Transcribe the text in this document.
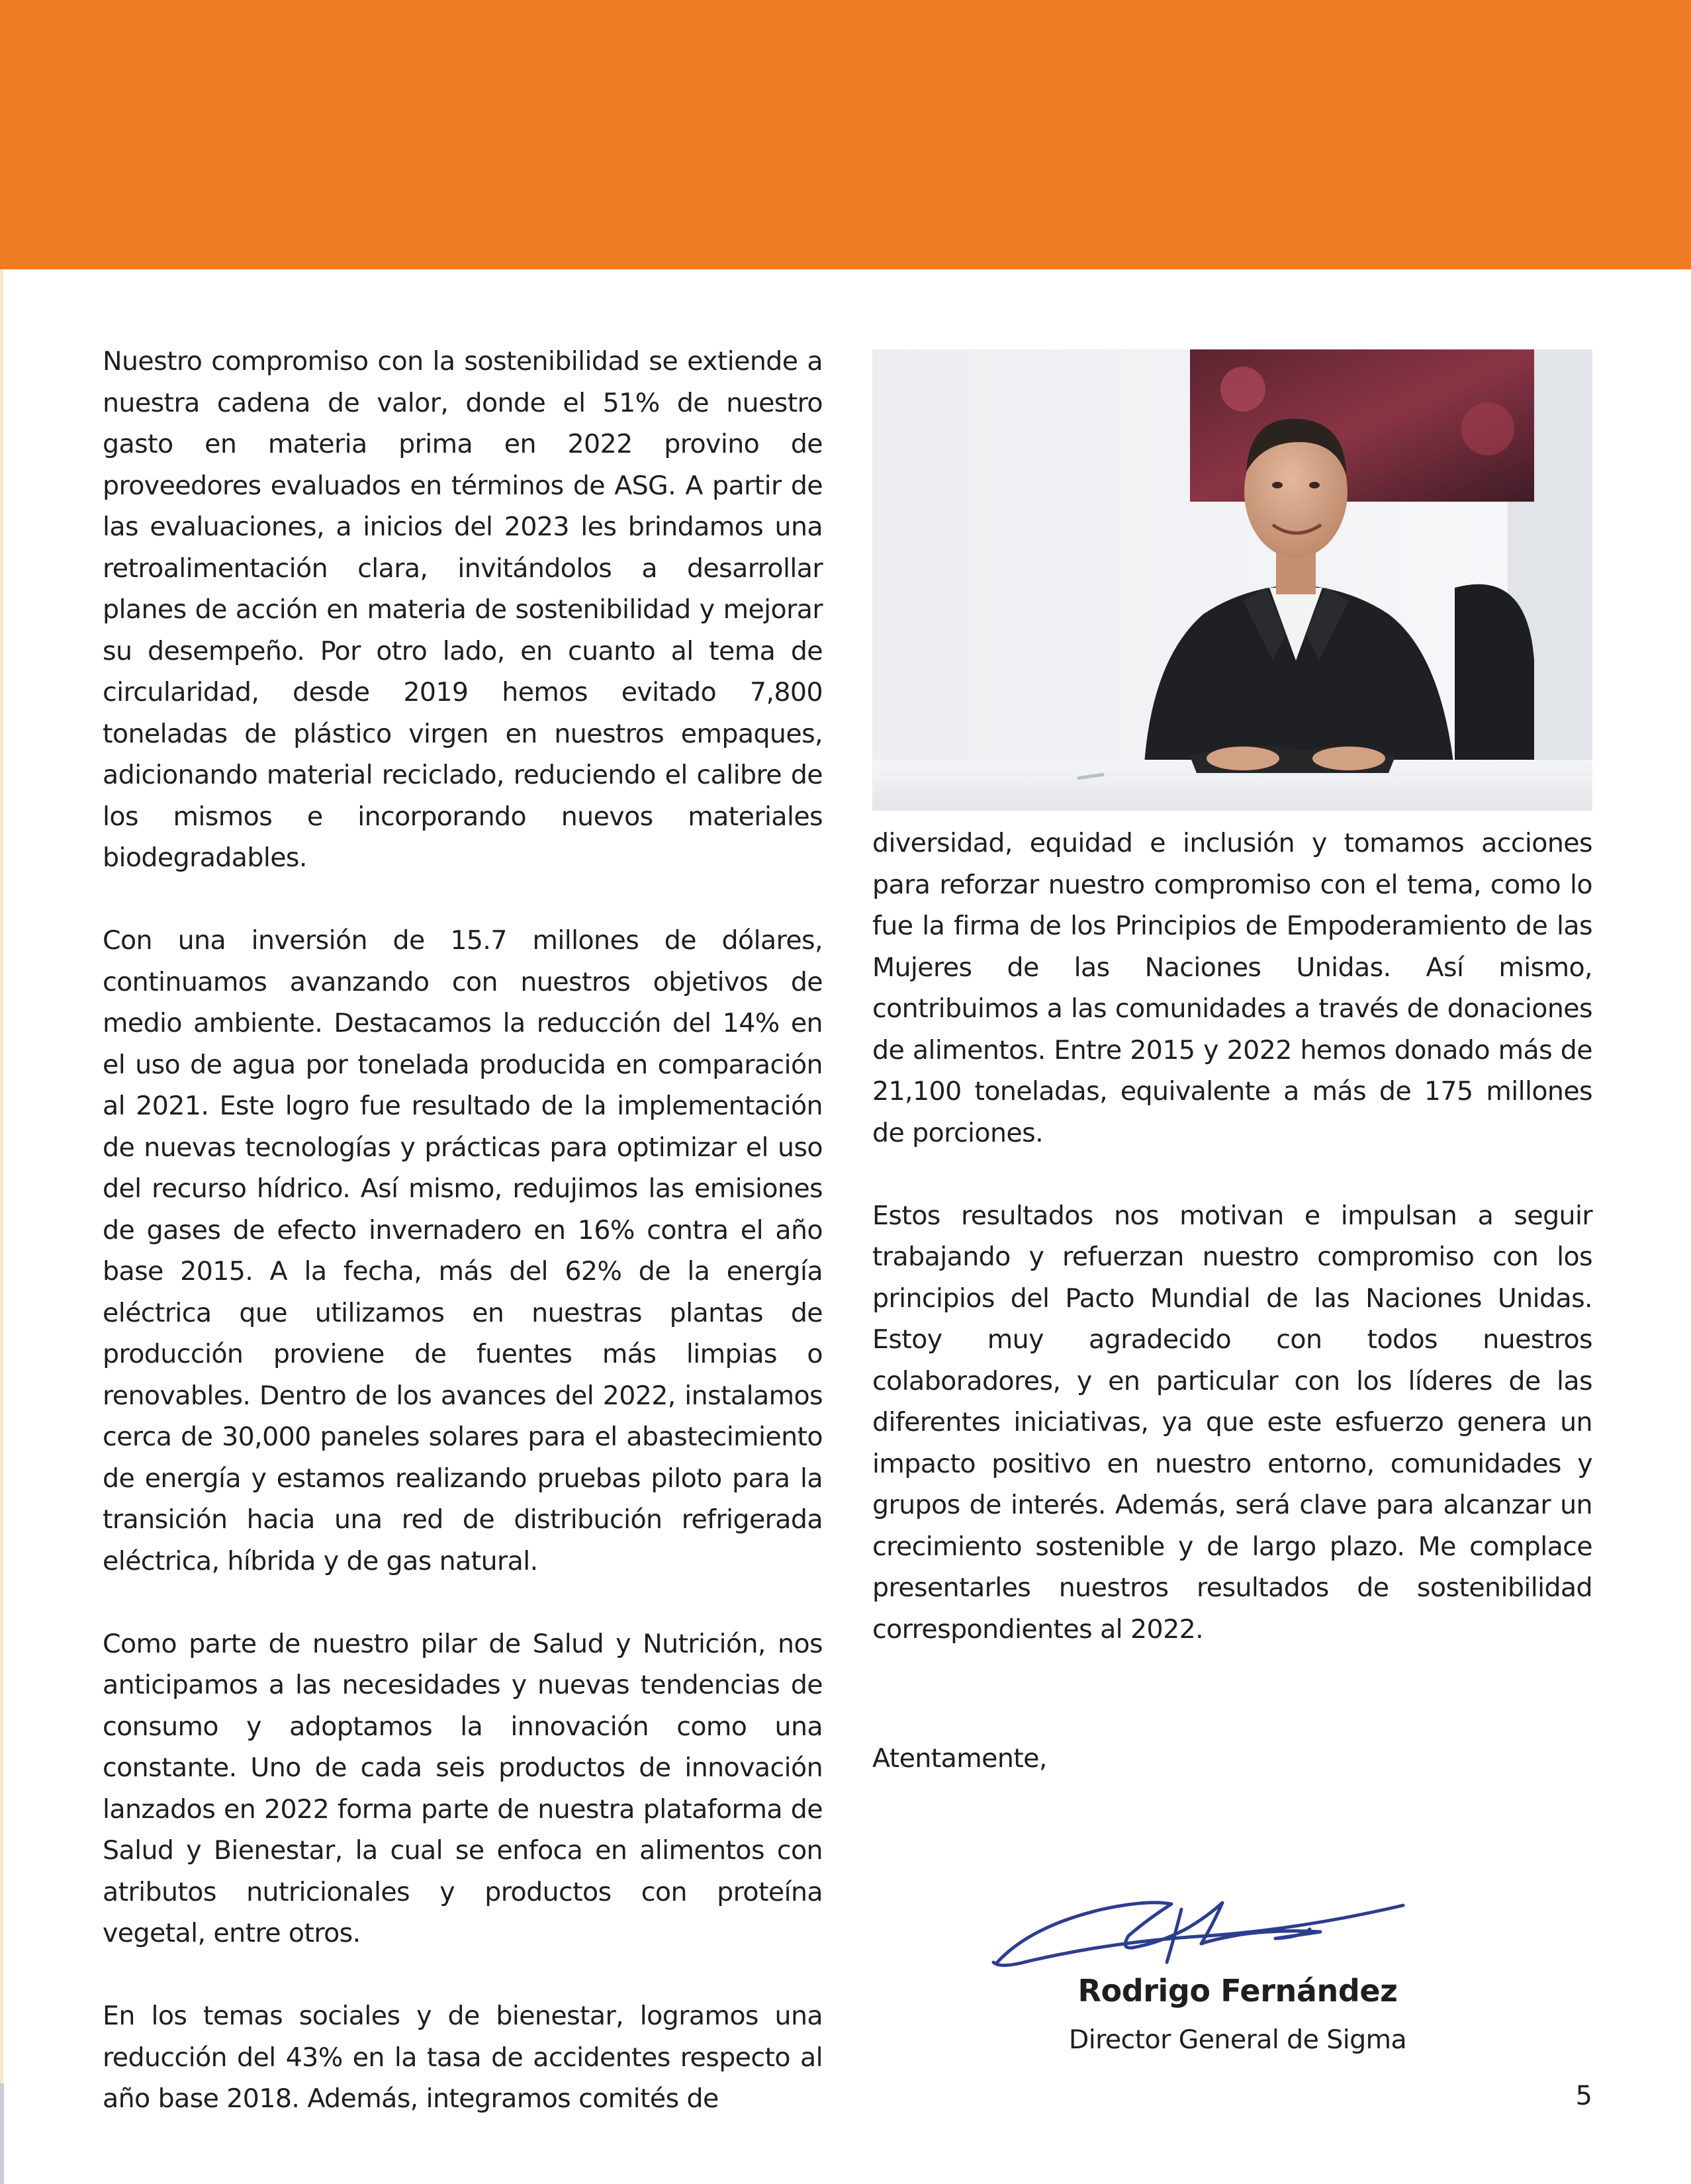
Nuestro compromiso con la sostenibilidad se extiende a nuestra cadena de valor, donde el 51% de nuestro gasto en materia prima en 2022 provino de proveedores evaluados en términos de ASG. A partir de las evaluaciones, a inicios del 2023 les brindamos una retroalimentación clara, invitándolos a desarrollar planes de acción en materia de sostenibilidad y mejorar su desempeño. Por otro lado, en cuanto al tema de circularidad, desde 2019 hemos evitado 7,800 toneladas de plástico virgen en nuestros empaques, adicionando material reciclado, reduciendo el calibre de los mismos e incorporando nuevos materiales biodegradables.

Con una inversión de 15.7 millones de dólares, continuamos avanzando con nuestros objetivos de medio ambiente. Destacamos la reducción del 14% en el uso de agua por tonelada producida en comparación al 2021. Este logro fue resultado de la implementación de nuevas tecnologías y prácticas para optimizar el uso del recurso hídrico. Así mismo, redujimos las emisiones de gases de efecto invernadero en 16% contra el año base 2015. A la fecha, más del 62% de la energía eléctrica que utilizamos en nuestras plantas de producción proviene de fuentes más limpias o renovables. Dentro de los avances del 2022, instalamos cerca de 30,000 paneles solares para el abastecimiento de energía y estamos realizando pruebas piloto para la transición hacia una red de distribución refrigerada eléctrica, híbrida y de gas natural.

Como parte de nuestro pilar de Salud y Nutrición, nos anticipamos a las necesidades y nuevas tendencias de consumo y adoptamos la innovación como una constante. Uno de cada seis productos de innovación lanzados en 2022 forma parte de nuestra plataforma de Salud y Bienestar, la cual se enfoca en alimentos con atributos nutricionales y productos con proteína vegetal, entre otros.

En los temas sociales y de bienestar, logramos una reducción del 43% en la tasa de accidentes respecto al año base 2018. Además, integramos comités de

diversidad, equidad e inclusión y tomamos acciones para reforzar nuestro compromiso con el tema, como lo fue la firma de los Principios de Empoderamiento de las Mujeres de las Naciones Unidas. Así mismo, contribuimos a las comunidades a través de donaciones de alimentos. Entre 2015 y 2022 hemos donado más de 21,100 toneladas, equivalente a más de 175 millones de porciones.

Estos resultados nos motivan e impulsan a seguir trabajando y refuerzan nuestro compromiso con los principios del Pacto Mundial de las Naciones Unidas. Estoy muy agradecido con todos nuestros colaboradores, y en particular con los líderes de las diferentes iniciativas, ya que este esfuerzo genera un impacto positivo en nuestro entorno, comunidades y grupos de interés. Además, será clave para alcanzar un crecimiento sostenible y de largo plazo. Me complace presentarles nuestros resultados de sostenibilidad correspondientes al 2022.

Atentamente,
Rodrigo Fernández
Director General de Sigma
5
